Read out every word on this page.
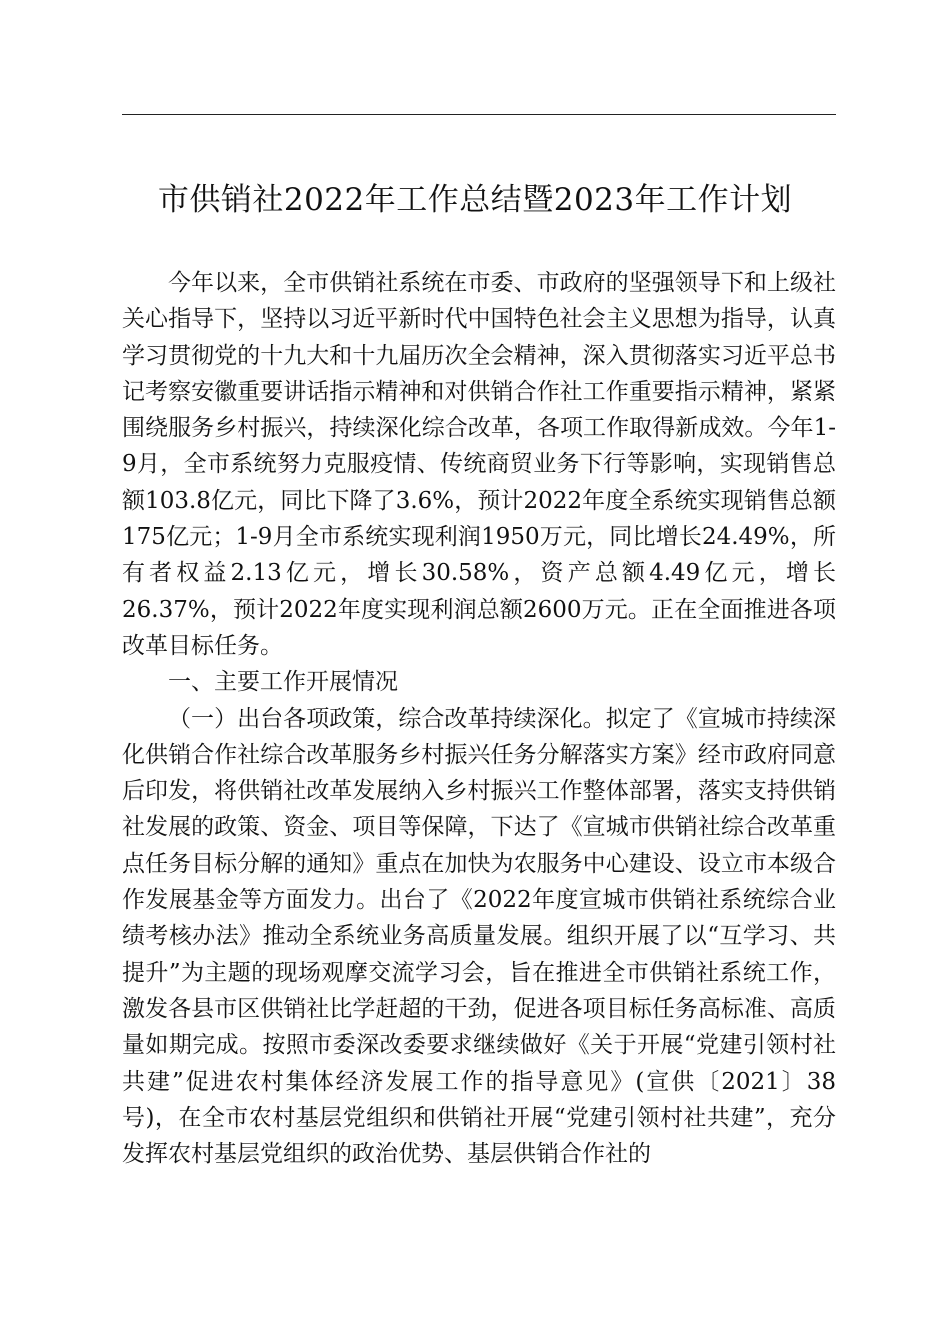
市供销社2022年工作总结暨2023年工作计划

今年以来，全市供销社系统在市委、市政府的坚强领导下和上级社关心指导下，坚持以习近平新时代中国特色社会主义思想为指导，认真学习贯彻党的十九大和十九届历次全会精神，深入贯彻落实习近平总书记考察安徽重要讲话指示精神和对供销合作社工作重要指示精神，紧紧围绕服务乡村振兴，持续深化综合改革，各项工作取得新成效。今年1-9月，全市系统努力克服疫情、传统商贸业务下行等影响，实现销售总额103.8亿元，同比下降了3.6%，预计2022年度全系统实现销售总额175亿元；1-9月全市系统实现利润1950万元，同比增长24.49%，所有者权益2.13亿元，增长30.58%，资产总额4.49亿元，增长26.37%，预计2022年度实现利润总额2600万元。正在全面推进各项改革目标任务。

一、主要工作开展情况

（一）出台各项政策，综合改革持续深化。拟定了《宣城市持续深化供销合作社综合改革服务乡村振兴任务分解落实方案》经市政府同意后印发，将供销社改革发展纳入乡村振兴工作整体部署，落实支持供销社发展的政策、资金、项目等保障，下达了《宣城市供销社综合改革重点任务目标分解的通知》重点在加快为农服务中心建设、设立市本级合作发展基金等方面发力。出台了《2022年度宣城市供销社系统综合业绩考核办法》推动全系统业务高质量发展。组织开展了以“互学习、共提升”为主题的现场观摩交流学习会，旨在推进全市供销社系统工作，激发各县市区供销社比学赶超的干劲，促进各项目标任务高标准、高质量如期完成。按照市委深改委要求继续做好《关于开展“党建引领村社共建”促进农村集体经济发展工作的指导意见》(宣供〔2021〕38号)，在全市农村基层党组织和供销社开展“党建引领村社共建”，充分发挥农村基层党组织的政治优势、基层供销合作社的
